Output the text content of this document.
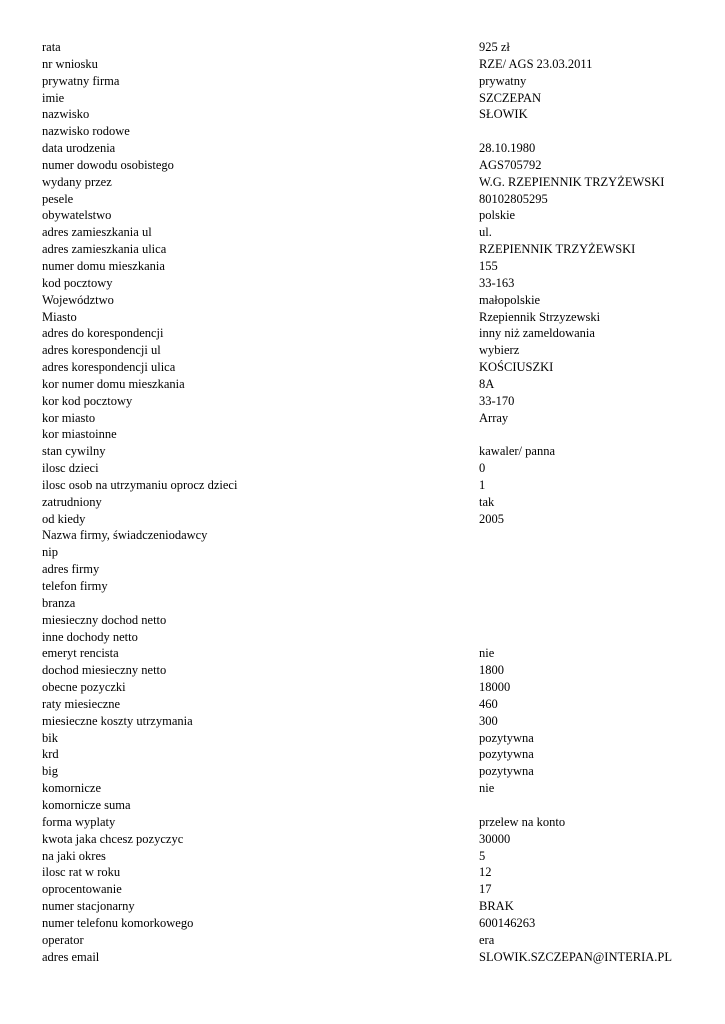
rata	925 zł
nr wniosku	RZE/ AGS 23.03.2011
prywatny firma	prywatny
imie	SZCZEPAN
nazwisko	SŁOWIK
nazwisko rodowe
data urodzenia	28.10.1980
numer dowodu osobistego	AGS705792
wydany przez	W.G. RZEPIENNIK TRZYŻEWSKI
pesele	80102805295
obywatelstwo	polskie
adres zamieszkania ul	ul.
adres zamieszkania ulica	RZEPIENNIK TRZYŻEWSKI
numer domu mieszkania	155
kod pocztowy	33-163
Województwo	małopolskie
Miasto	Rzepiennik Strzyzewski
adres do korespondencji	inny niż zameldowania
adres korespondencji ul	wybierz
adres korespondencji ulica	KOŚCIUSZKI
kor numer domu mieszkania	8A
kor kod pocztowy	33-170
kor miasto	Array
kor miastoinne
stan cywilny	kawaler/ panna
ilosc dzieci	0
ilosc osob na utrzymaniu oprocz dzieci	1
zatrudniony	tak
od kiedy	2005
Nazwa firmy, świadczeniodawcy
nip
adres firmy
telefon firmy
branza
miesieczny dochod netto
inne dochody netto
emeryt rencista	nie
dochod miesieczny netto	1800
obecne pozyczki	18000
raty miesieczne	460
miesieczne koszty utrzymania	300
bik	pozytywna
krd	pozytywna
big	pozytywna
komornicze	nie
komornicze suma
forma wyplaty	przelew na konto
kwota jaka chcesz pozyczyc	30000
na jaki okres	5
ilosc rat w roku	12
oprocentowanie	17
numer stacjonarny	BRAK
numer telefonu komorkowego	600146263
operator	era
adres email	SLOWIK.SZCZEPAN@INTERIA.PL
